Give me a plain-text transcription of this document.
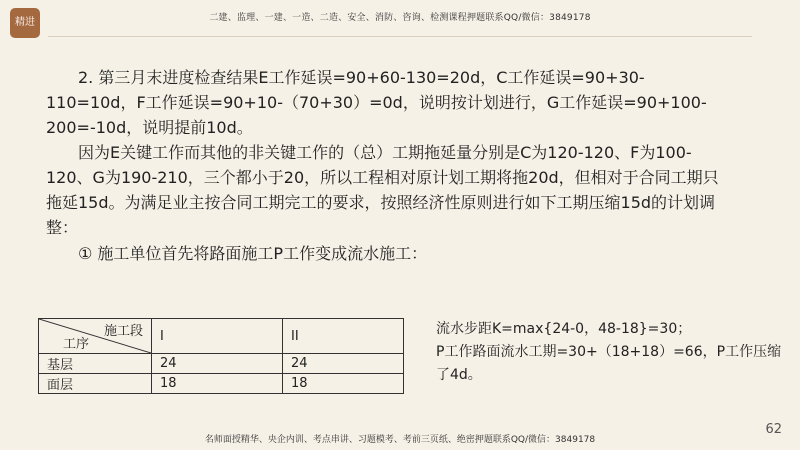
精进	二建、监理、一建、一造、二造、安全、消防、咨询、检测课程押题联系QQ/微信：3849178

2. 第三月末进度检查结果E工作延误=90+60-130=20d，C工作延误=90+30-110=10d，F工作延误=90+10-（70+30）=0d，说明按计划进行，G工作延误=90+100-200=-10d，说明提前10d。

因为E关键工作而其他的非关键工作的（总）工期拖延量分别是C为120-120、F为100-120、G为190-210，三个都小于20，所以工程相对原计划工期将拖20d，但相对于合同工期只拖延15d。为满足业主按合同工期完工的要求，按照经济性原则进行如下工期压缩15d的计划调整：

① 施工单位首先将路面施工P工作变成流水施工：

施工段
工序	I	II
基层	24	24
面层	18	18

流水步距K=max{24-0，48-18}=30；

P工作路面流水工期=30+（18+18）=66，P工作压缩了4d。

62
名师面授精华、央企内训、考点串讲、习题模考、考前三页纸、绝密押题联系QQ/微信：3849178
